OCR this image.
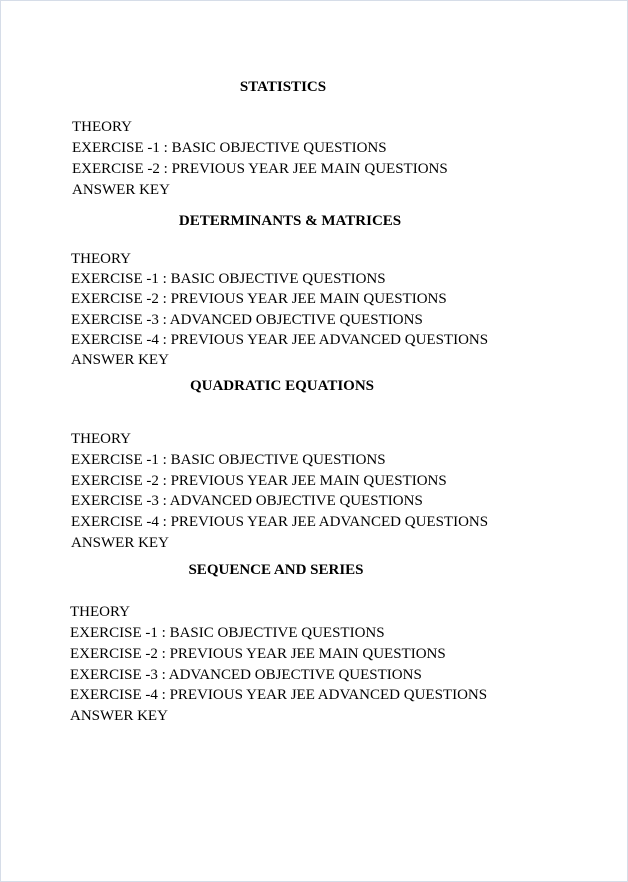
STATISTICS
THEORY
EXERCISE -1 : BASIC OBJECTIVE QUESTIONS
EXERCISE -2 : PREVIOUS YEAR JEE MAIN QUESTIONS
ANSWER KEY
DETERMINANTS & MATRICES
THEORY
EXERCISE -1 : BASIC OBJECTIVE QUESTIONS
EXERCISE -2 : PREVIOUS YEAR JEE MAIN QUESTIONS
EXERCISE -3 : ADVANCED OBJECTIVE QUESTIONS
EXERCISE -4 : PREVIOUS YEAR JEE ADVANCED QUESTIONS
ANSWER KEY
QUADRATIC EQUATIONS
THEORY
EXERCISE -1 : BASIC OBJECTIVE QUESTIONS
EXERCISE -2 : PREVIOUS YEAR JEE MAIN QUESTIONS
EXERCISE -3 : ADVANCED OBJECTIVE QUESTIONS
EXERCISE -4 : PREVIOUS YEAR JEE ADVANCED QUESTIONS
ANSWER KEY
SEQUENCE AND SERIES
THEORY
EXERCISE -1 : BASIC OBJECTIVE QUESTIONS
EXERCISE -2 : PREVIOUS YEAR JEE MAIN QUESTIONS
EXERCISE -3 : ADVANCED OBJECTIVE QUESTIONS
EXERCISE -4 : PREVIOUS YEAR JEE ADVANCED QUESTIONS
ANSWER KEY
